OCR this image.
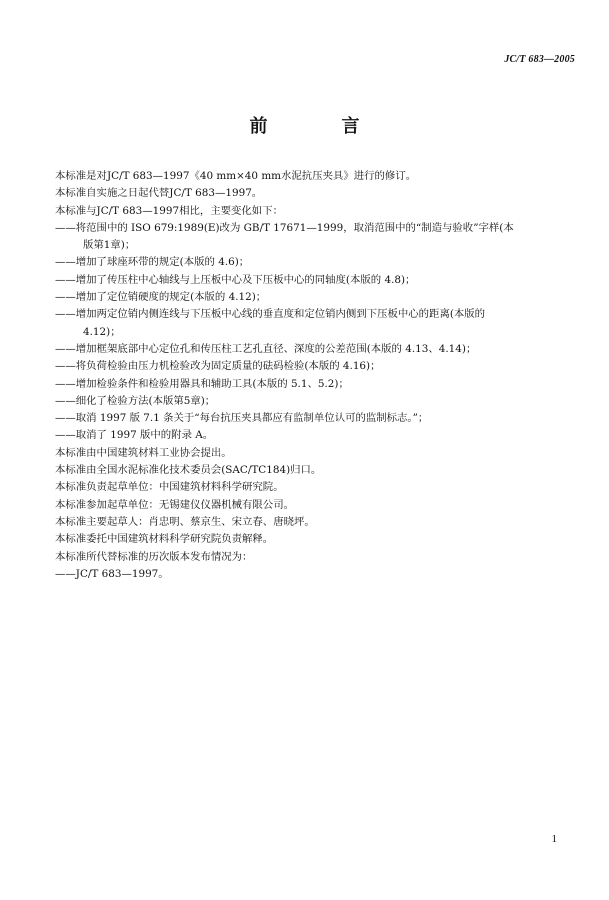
JC/T 683—2005
前　言
本标准是对JC/T 683—1997《40 mm×40 mm水泥抗压夹具》进行的修订。
本标准自实施之日起代替JC/T 683—1997。
本标准与JC/T 683—1997相比，主要变化如下：
——将范围中的 ISO 679:1989(E)改为 GB/T 17671—1999，取消范围中的“制造与验收”字样(本
版第1章)；
——增加了球座环带的规定(本版的 4.6)；
——增加了传压柱中心轴线与上压板中心及下压板中心的同轴度(本版的 4.8)；
——增加了定位销硬度的规定(本版的 4.12)；
——增加两定位销内侧连线与下压板中心线的垂直度和定位销内侧到下压板中心的距离(本版的
4.12)；
——增加框架底部中心定位孔和传压柱工艺孔直径、深度的公差范围(本版的 4.13、4.14)；
——将负荷检验由压力机检验改为固定质量的砝码检验(本版的 4.16)；
——增加检验条件和检验用器具和辅助工具(本版的 5.1、5.2)；
——细化了检验方法(本版第5章)；
——取消 1997 版 7.1 条关于“每台抗压夹具都应有监制单位认可的监制标志。”；
——取消了 1997 版中的附录 A。
本标准由中国建筑材料工业协会提出。
本标准由全国水泥标准化技术委员会(SAC/TC184)归口。
本标准负责起草单位：中国建筑材料科学研究院。
本标准参加起草单位：无锡建仪仪器机械有限公司。
本标准主要起草人：肖忠明、蔡京生、宋立春、唐晓坪。
本标准委托中国建筑材料科学研究院负责解释。
本标准所代替标准的历次版本发布情况为：
——JC/T 683—1997。
1
